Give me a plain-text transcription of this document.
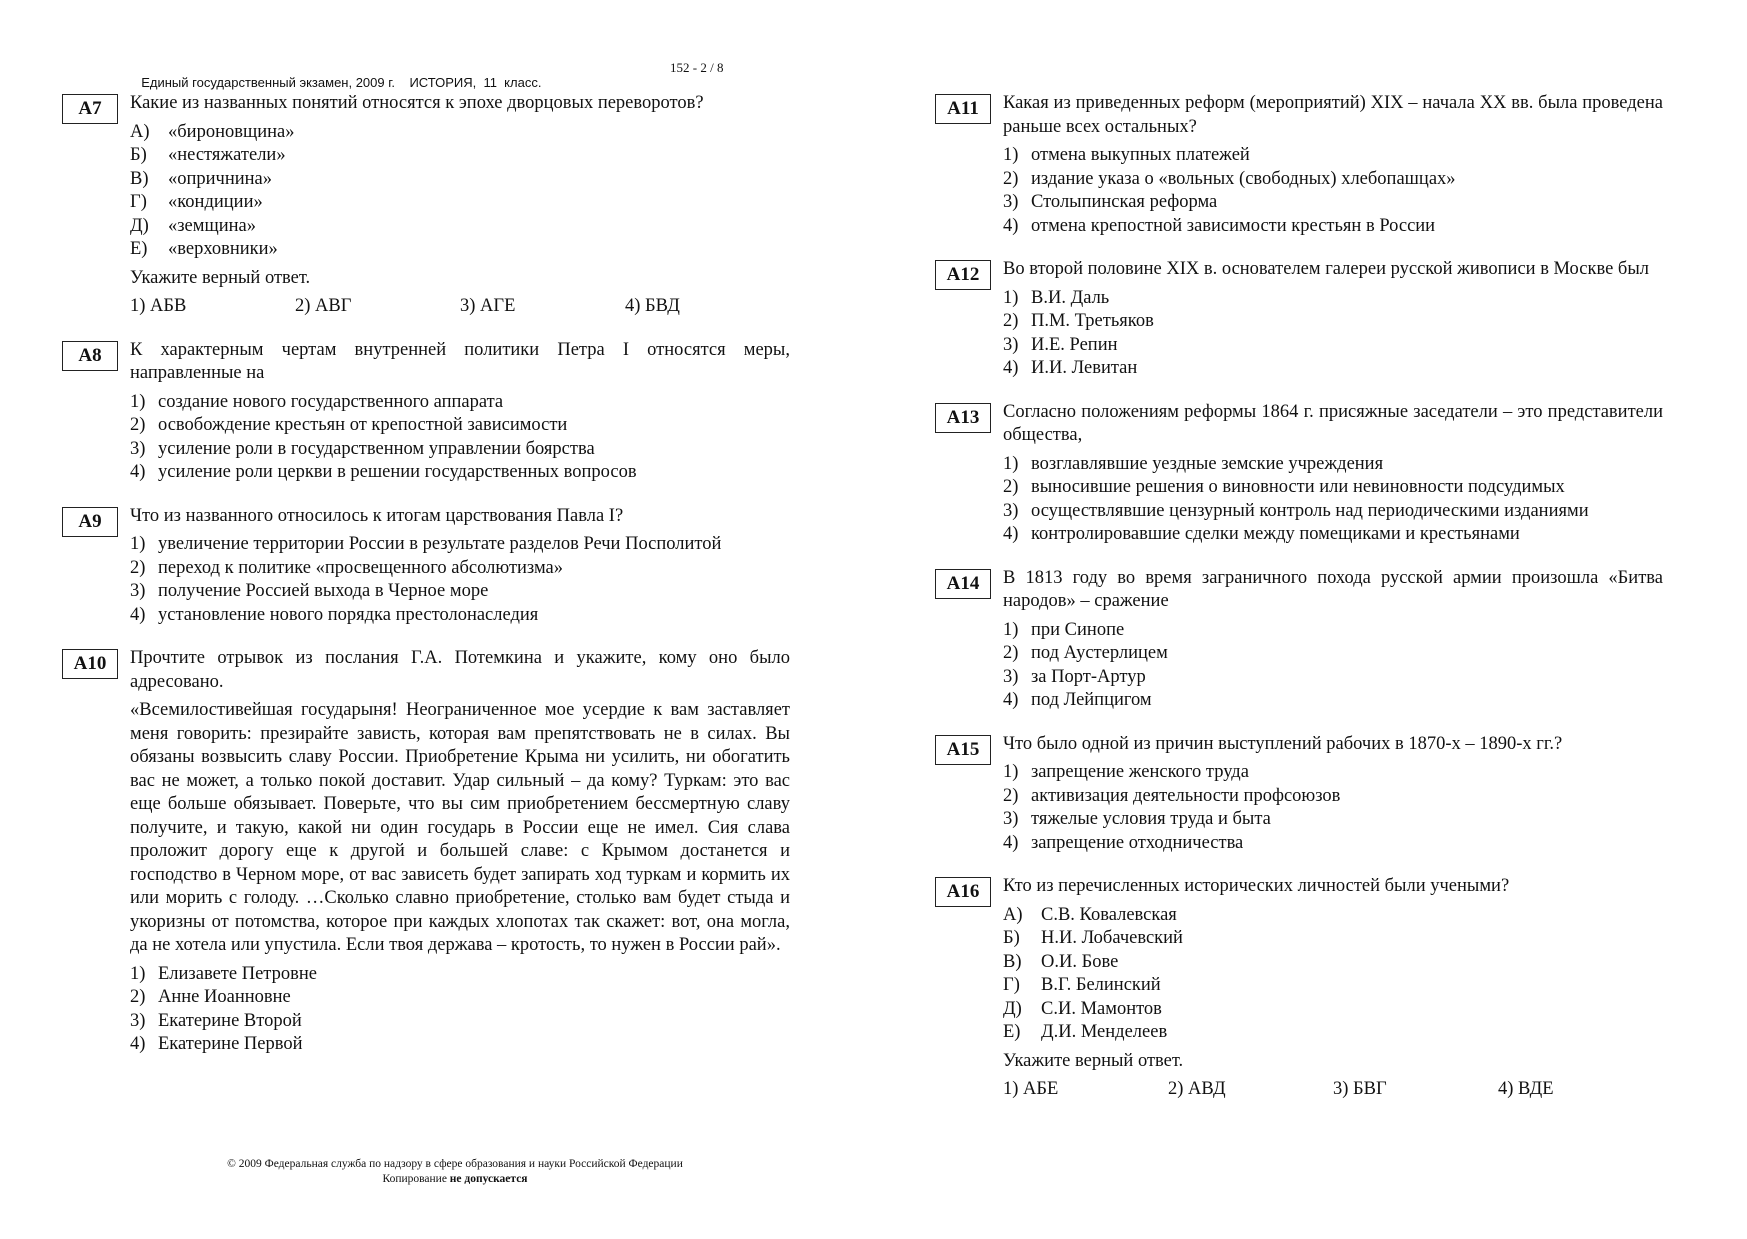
Единый государственный экзамен, 2009 г.    ИСТОРИЯ,  11  класс.

152 - 2 / 8

A7	Какие из названных понятий относятся к эпохе дворцовых переворотов?
А) «бироновщина»
Б)	«нестяжатели»
В)	«опричнина»
Г)	«кондиции»
Д)	«земщина»
Е)	«верховники»
Укажите верный ответ.
1) АБВ	2) АВГ	3) АГЕ	4) БВД
A8	К характерным чертам внутренней политики Петра I относятся меры, направленные на
1) создание нового государственного аппарата
2) освобождение крестьян от крепостной зависимости
3) усиление роли в государственном управлении боярства
4) усиление роли церкви в решении государственных вопросов
A9	Что из названного относилось к итогам царствования Павла I?
1) увеличение территории России в результате разделов Речи Посполитой
2) переход к политике «просвещенного абсолютизма»
3) получение Россией выхода в Черное море
4) установление нового порядка престолонаследия
A10	Прочтите отрывок из послания Г.А. Потемкина и укажите, кому оно было адресовано.
«Всемилостивейшая государыня! Неограниченное мое усердие к вам заставляет меня говорить: презирайте зависть, которая вам препятствовать не в силах. Вы обязаны возвысить славу России. Приобретение Крыма ни усилить, ни обогатить вас не может, а только покой доставит. Удар сильный – да кому? Туркам: это вас еще больше обязывает. Поверьте, что вы сим приобретением бессмертную славу получите, и такую, какой ни один государь в России еще не имел. Сия слава проложит дорогу еще к другой и большей славе: с Крымом достанется и господство в Черном море, от вас зависеть будет запирать ход туркам и кормить их или морить с голоду. …Сколько славно приобретение, столько вам будет стыда и укоризны от потомства, которое при каждых хлопотах так скажет: вот, она могла, да не хотела или упустила. Если твоя держава – кротость, то нужен в России рай».
1) Елизавете Петровне
2) Анне Иоанновне
3) Екатерине Второй
4) Екатерине Первой
A11	Какая из приведенных реформ (мероприятий) XIX – начала XX вв. была проведена раньше всех остальных?
1) отмена выкупных платежей
2) издание указа о «вольных (свободных) хлебопашцах»
3) Столыпинская реформа
4) отмена крепостной зависимости крестьян в России
A12	Во второй половине XIX в. основателем галереи русской живописи в Москве был
1) В.И. Даль
2) П.М. Третьяков
3) И.Е. Репин
4) И.И. Левитан
A13	Согласно положениям реформы 1864 г. присяжные заседатели – это представители общества,
1) возглавлявшие уездные земские учреждения
2) выносившие решения о виновности или невиновности подсудимых
3) осуществлявшие цензурный контроль над периодическими изданиями
4) контролировавшие сделки между помещиками и крестьянами
A14	В 1813 году во время заграничного похода русской армии произошла «Битва народов» – сражение
1) при Синопе
2) под Аустерлицем
3) за Порт-Артур
4) под Лейпцигом
A15	Что было одной из причин выступлений рабочих в 1870-х – 1890-х гг.?
1) запрещение женского труда
2) активизация деятельности профсоюзов
3) тяжелые условия труда и быта
4) запрещение отходничества
A16	Кто из перечисленных исторических личностей были учеными?
А) С.В. Ковалевская
Б)	Н.И. Лобачевский
В)	О.И. Бове
Г)	В.Г. Белинский
Д)	С.И. Мамонтов
Е)	Д.И. Менделеев
Укажите верный ответ.
1) АБЕ	2) АВД	3) БВГ	4) ВДЕ
© 2009 Федеральная служба по надзору в сфере образования и науки Российской Федерации
Копирование не допускается
